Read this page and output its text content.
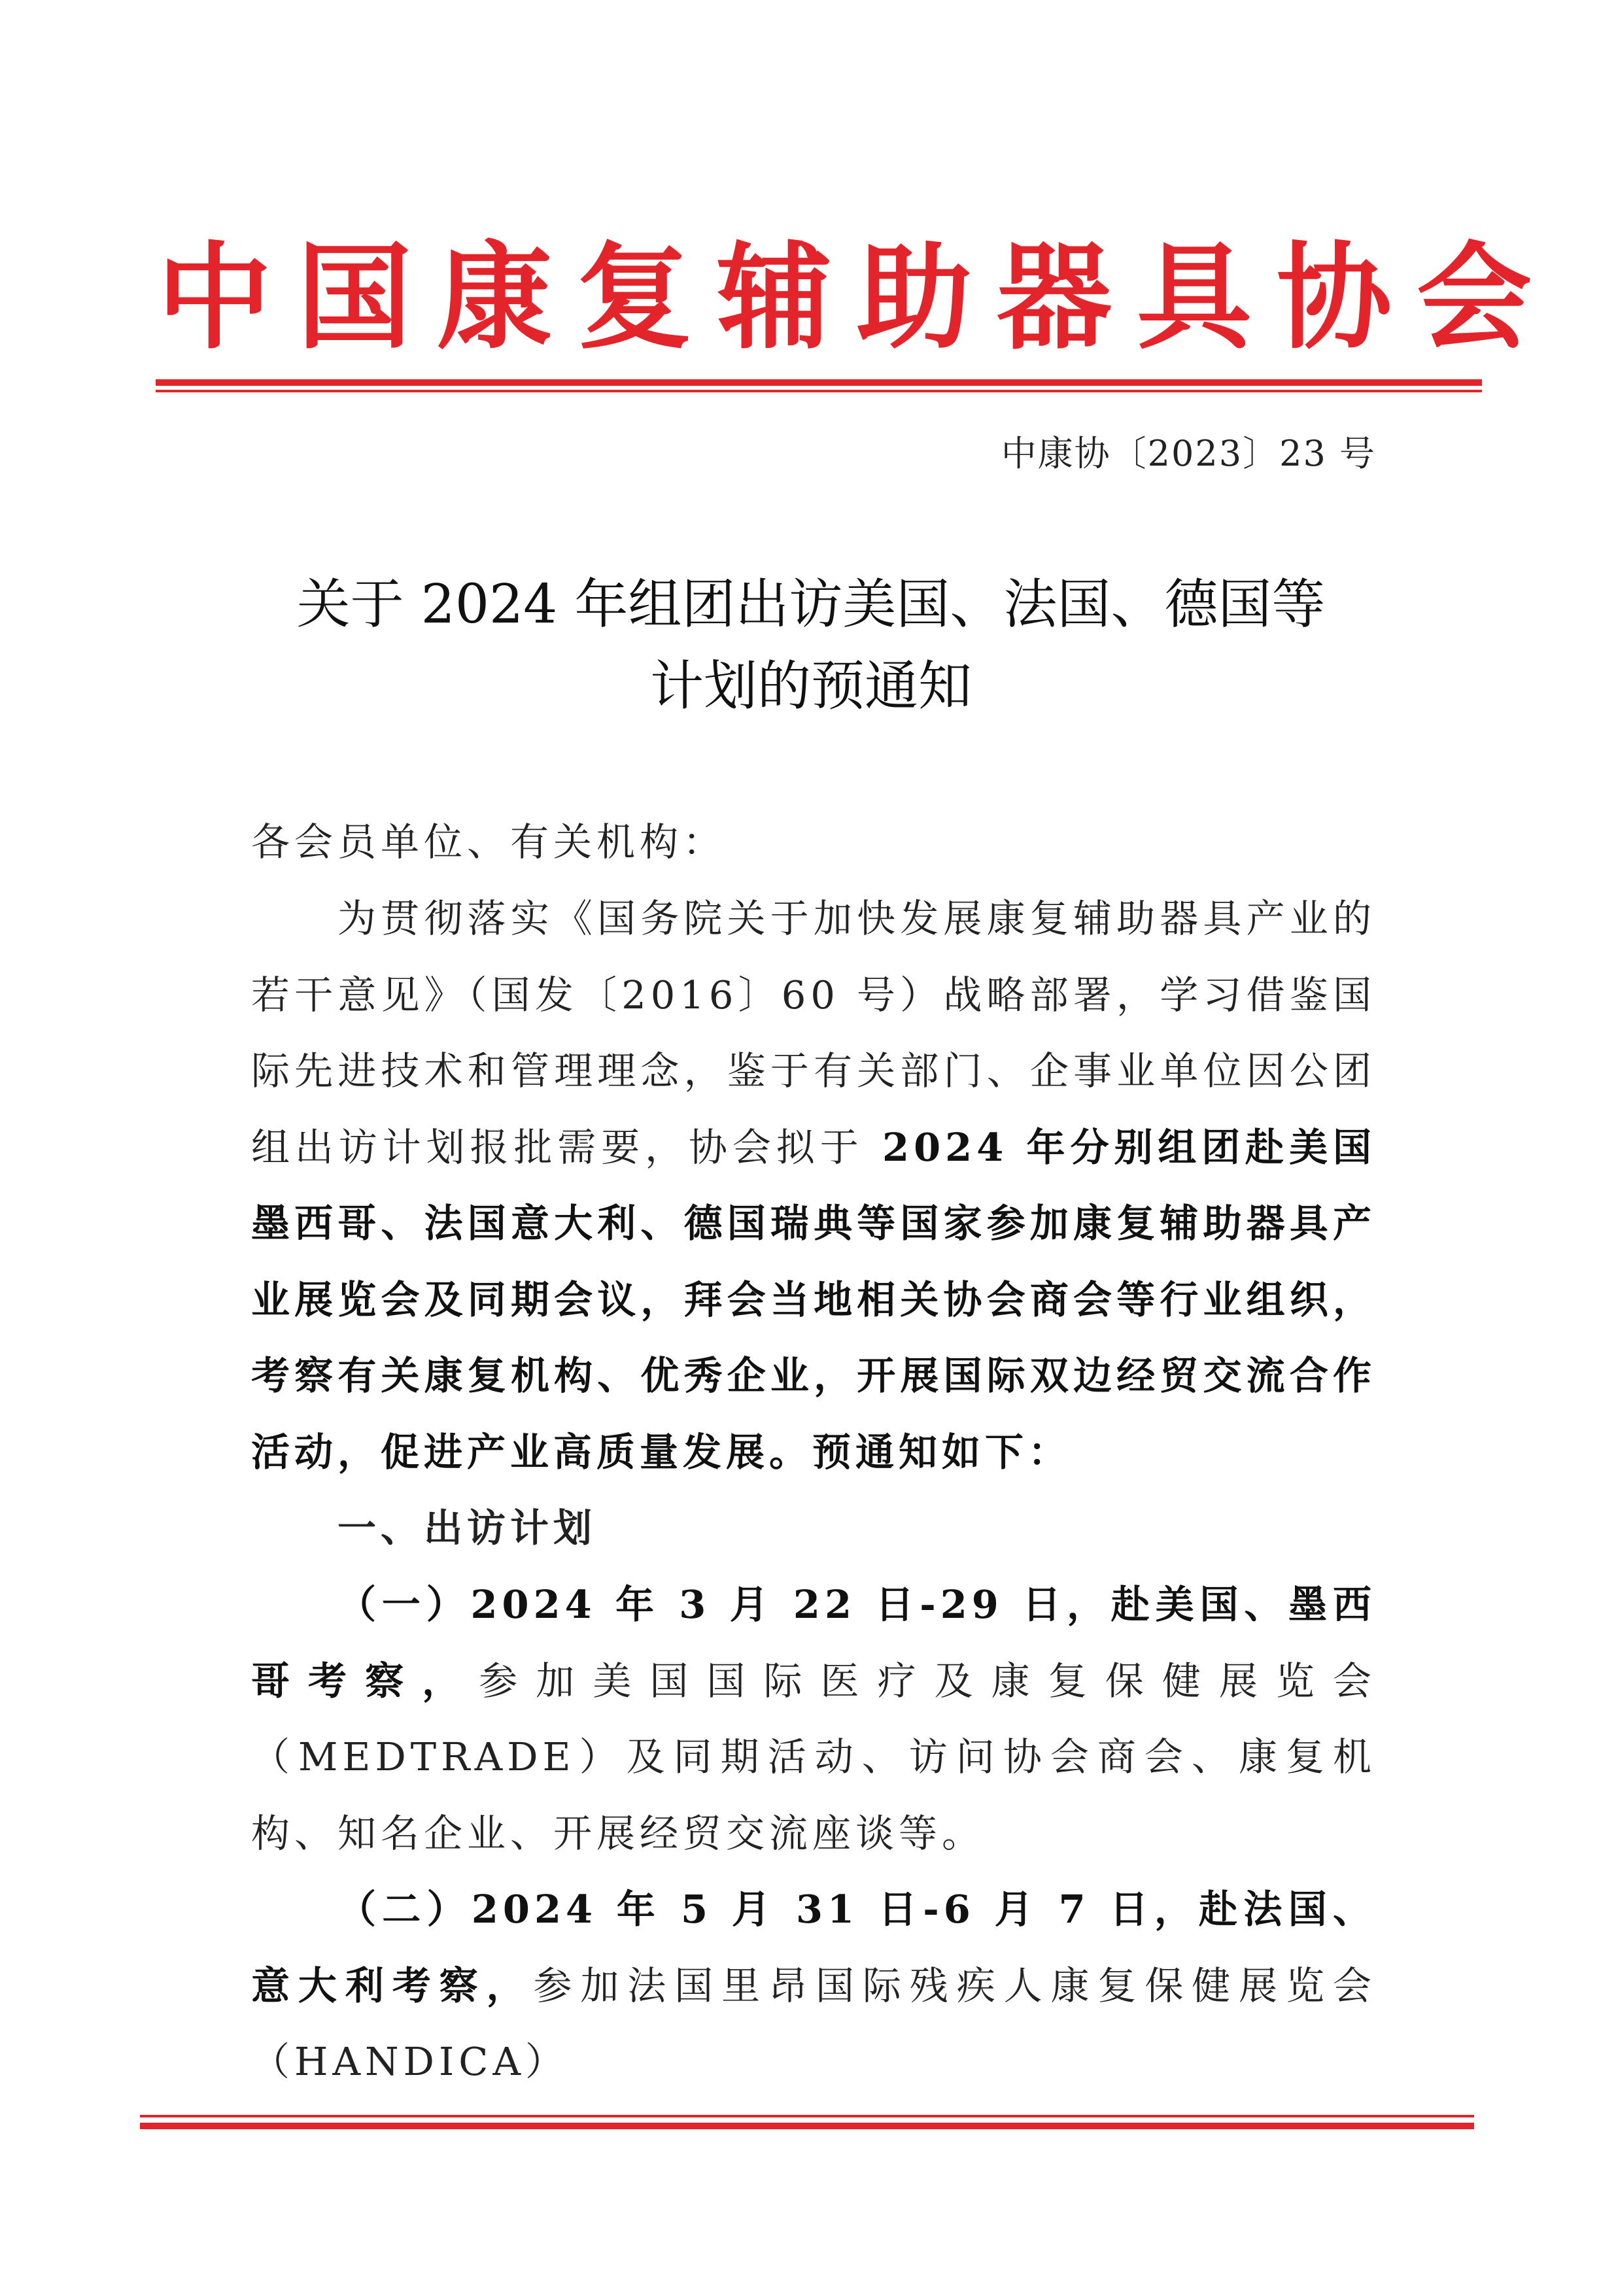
中国康复辅助器具协会
中康协〔2023〕23 号
关于 2024 年组团出访美国、法国、德国等
计划的预通知
各会员单位、有关机构：
为贯彻落实《国务院关于加快发展康复辅助器具产业的若干意见》（国发〔2016〕60 号）战略部署，学习借鉴国际先进技术和管理理念，鉴于有关部门、企事业单位因公团组出访计划报批需要，协会拟于 2024 年分别组团赴美国墨西哥、法国意大利、德国瑞典等国家参加康复辅助器具产业展览会及同期会议，拜会当地相关协会商会等行业组织，考察有关康复机构、优秀企业，开展国际双边经贸交流合作活动，促进产业高质量发展。预通知如下：
一、出访计划
（一）2024 年 3 月 22 日-29 日，赴美国、墨西哥考察，参加美国国际医疗及康复保健展览会（MEDTRADE）及同期活动、访问协会商会、康复机构、知名企业、开展经贸交流座谈等。
（二）2024 年 5 月 31 日-6 月 7 日，赴法国、意大利考察，参加法国里昂国际残疾人康复保健展览会（HANDICA）
